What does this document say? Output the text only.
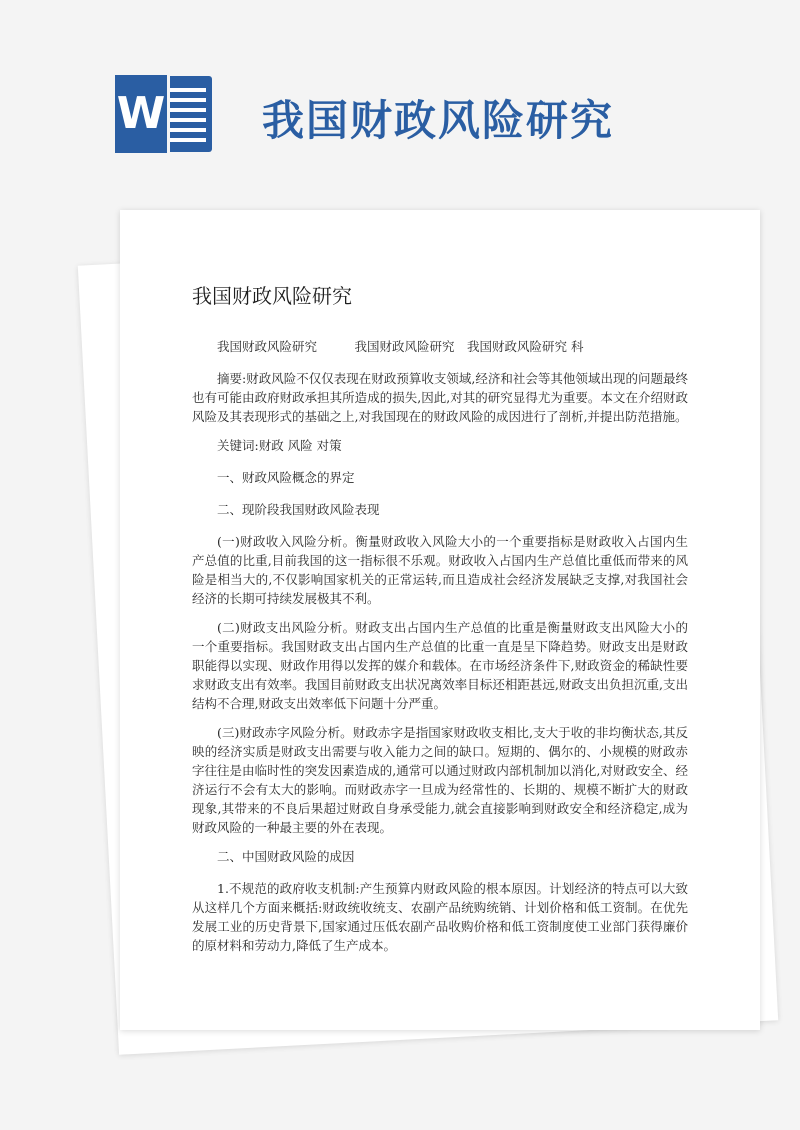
W 我国财政风险研究
我国财政风险研究

我国财政风险研究　　　我国财政风险研究　我国财政风险研究 科

摘要:财政风险不仅仅表现在财政预算收支领域,经济和社会等其他领域出现的问题最终也有可能由政府财政承担其所造成的损失,因此,对其的研究显得尤为重要。本文在介绍财政风险及其表现形式的基础之上,对我国现在的财政风险的成因进行了剖析,并提出防范措施。

关键词:财政 风险 对策

一、财政风险概念的界定

二、现阶段我国财政风险表现

(一)财政收入风险分析。衡量财政收入风险大小的一个重要指标是财政收入占国内生产总值的比重,目前我国的这一指标很不乐观。财政收入占国内生产总值比重低而带来的风险是相当大的,不仅影响国家机关的正常运转,而且造成社会经济发展缺乏支撑,对我国社会经济的长期可持续发展极其不利。

(二)财政支出风险分析。财政支出占国内生产总值的比重是衡量财政支出风险大小的一个重要指标。我国财政支出占国内生产总值的比重一直是呈下降趋势。财政支出是财政职能得以实现、财政作用得以发挥的媒介和载体。在市场经济条件下,财政资金的稀缺性要求财政支出有效率。我国目前财政支出状况离效率目标还相距甚远,财政支出负担沉重,支出结构不合理,财政支出效率低下问题十分严重。

(三)财政赤字风险分析。财政赤字是指国家财政收支相比,支大于收的非均衡状态,其反映的经济实质是财政支出需要与收入能力之间的缺口。短期的、偶尔的、小规模的财政赤字往往是由临时性的突发因素造成的,通常可以通过财政内部机制加以消化,对财政安全、经济运行不会有太大的影响。而财政赤字一旦成为经常性的、长期的、规模不断扩大的财政现象,其带来的不良后果超过财政自身承受能力,就会直接影响到财政安全和经济稳定,成为财政风险的一种最主要的外在表现。

二、中国财政风险的成因

1.不规范的政府收支机制:产生预算内财政风险的根本原因。计划经济的特点可以大致从这样几个方面来概括:财政统收统支、农副产品统购统销、计划价格和低工资制。在优先发展工业的历史背景下,国家通过压低农副产品收购价格和低工资制度使工业部门获得廉价的原材料和劳动力,降低了生产成本。
